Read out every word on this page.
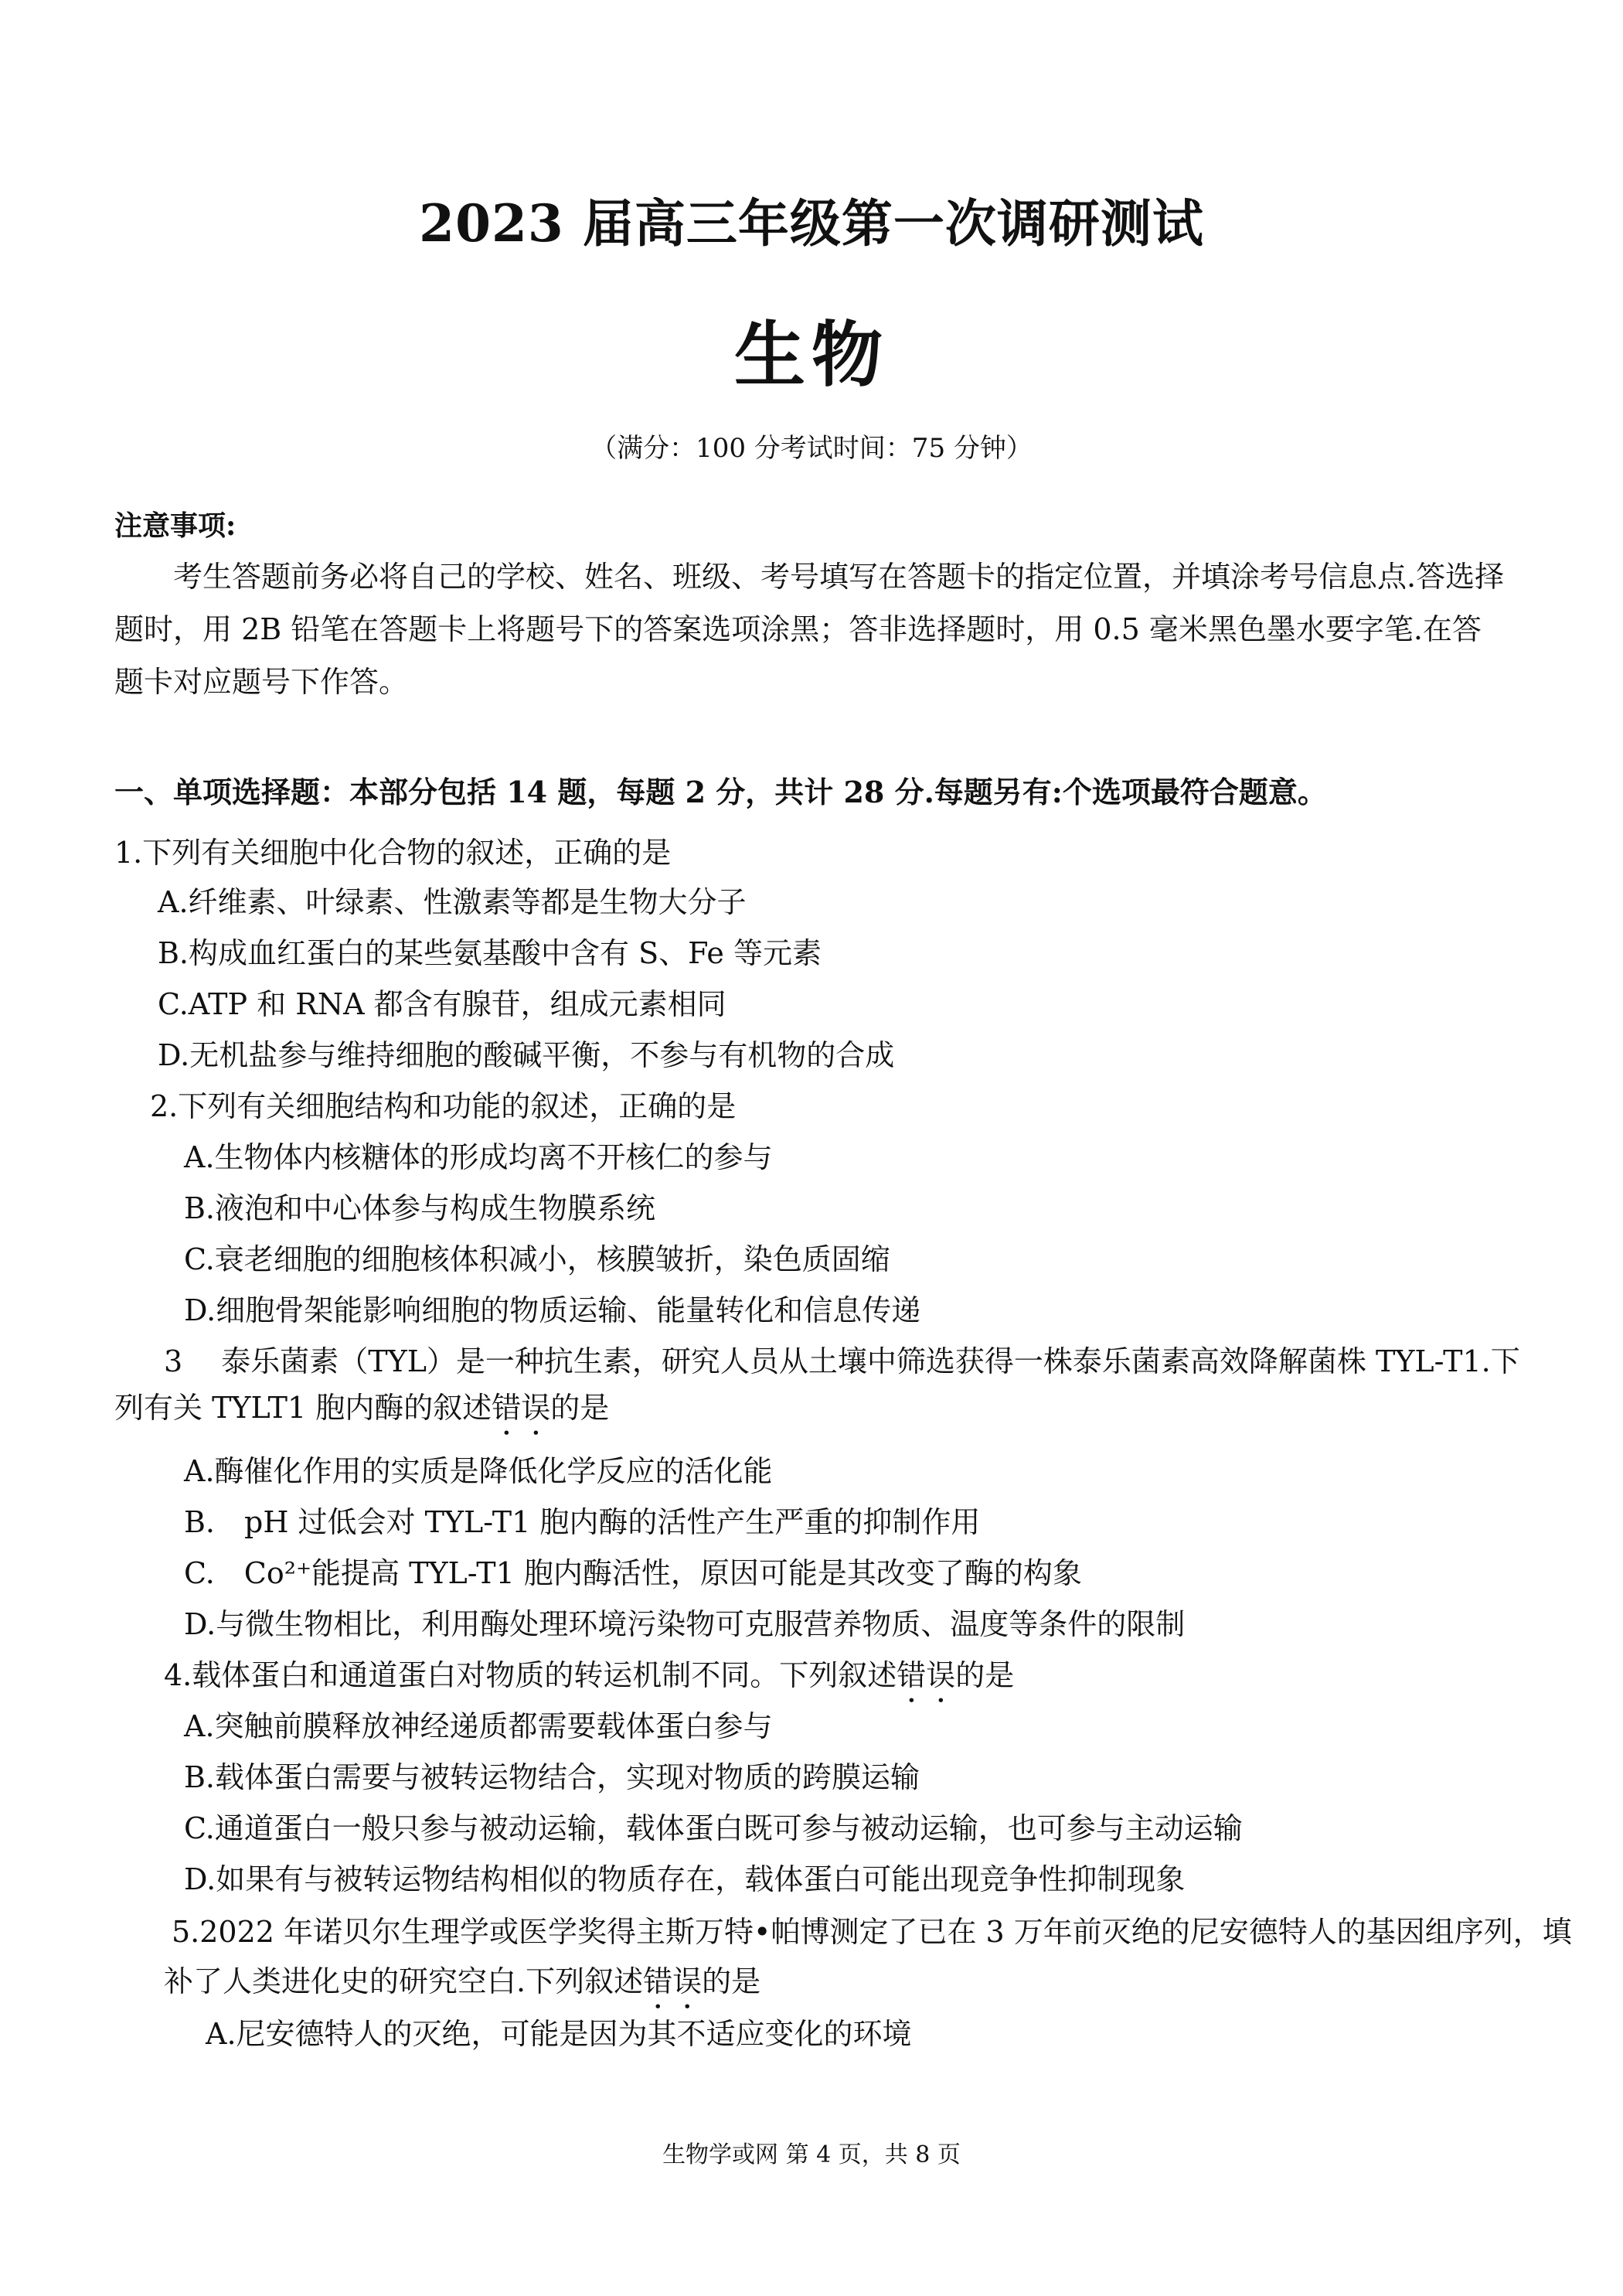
2023 届高三年级第一次调研测试
生物
（满分：100 分考试时间：75 分钟）
注意事项:
考生答题前务必将自己的学校、姓名、班级、考号填写在答题卡的指定位置，并填涂考号信息点.答选择题时，用 2B 铅笔在答题卡上将题号下的答案选项涂黑；答非选择题时，用 0.5 毫米黑色墨水要字笔.在答题卡对应题号下作答。
一、单项选择题：本部分包括 14 题，每题 2 分，共计 28 分.每题另有:个选项最符合题意。
1.下列有关细胞中化合物的叙述，正确的是
A.纤维素、叶绿素、性激素等都是生物大分子
B.构成血红蛋白的某些氨基酸中含有 S、Fe 等元素
C.ATP 和 RNA 都含有腺苷，组成元素相同
D.无机盐参与维持细胞的酸碱平衡，不参与有机物的合成
2.下列有关细胞结构和功能的叙述，正确的是
A.生物体内核糖体的形成均离不开核仁的参与
B.液泡和中心体参与构成生物膜系统
C.衰老细胞的细胞核体积减小，核膜皱折，染色质固缩
D.细胞骨架能影响细胞的物质运输、能量转化和信息传递
3　 泰乐菌素（TYL）是一种抗生素，研究人员从土壤中筛选获得一株泰乐菌素高效降解菌株 TYL-T1.下
列有关 TYLT1 胞内酶的叙述错误的是
A.酶催化作用的实质是降低化学反应的活化能
B.　pH 过低会对 TYL-T1 胞内酶的活性产生严重的抑制作用
C.　Co²⁺能提高 TYL-T1 胞内酶活性，原因可能是其改变了酶的构象
D.与微生物相比，利用酶处理环境污染物可克服营养物质、温度等条件的限制
4.载体蛋白和通道蛋白对物质的转运机制不同。下列叙述错误的是
A.突触前膜释放神经递质都需要载体蛋白参与
B.载体蛋白需要与被转运物结合，实现对物质的跨膜运输
C.通道蛋白一般只参与被动运输，载体蛋白既可参与被动运输，也可参与主动运输
D.如果有与被转运物结构相似的物质存在，载体蛋白可能出现竞争性抑制现象
5.2022 年诺贝尔生理学或医学奖得主斯万特•帕博测定了已在 3 万年前灭绝的尼安德特人的基因组序列，填
补了人类进化史的研究空白.下列叙述错误的是
A.尼安德特人的灭绝，可能是因为其不适应变化的环境
生物学或网 第 4 页，共 8 页
